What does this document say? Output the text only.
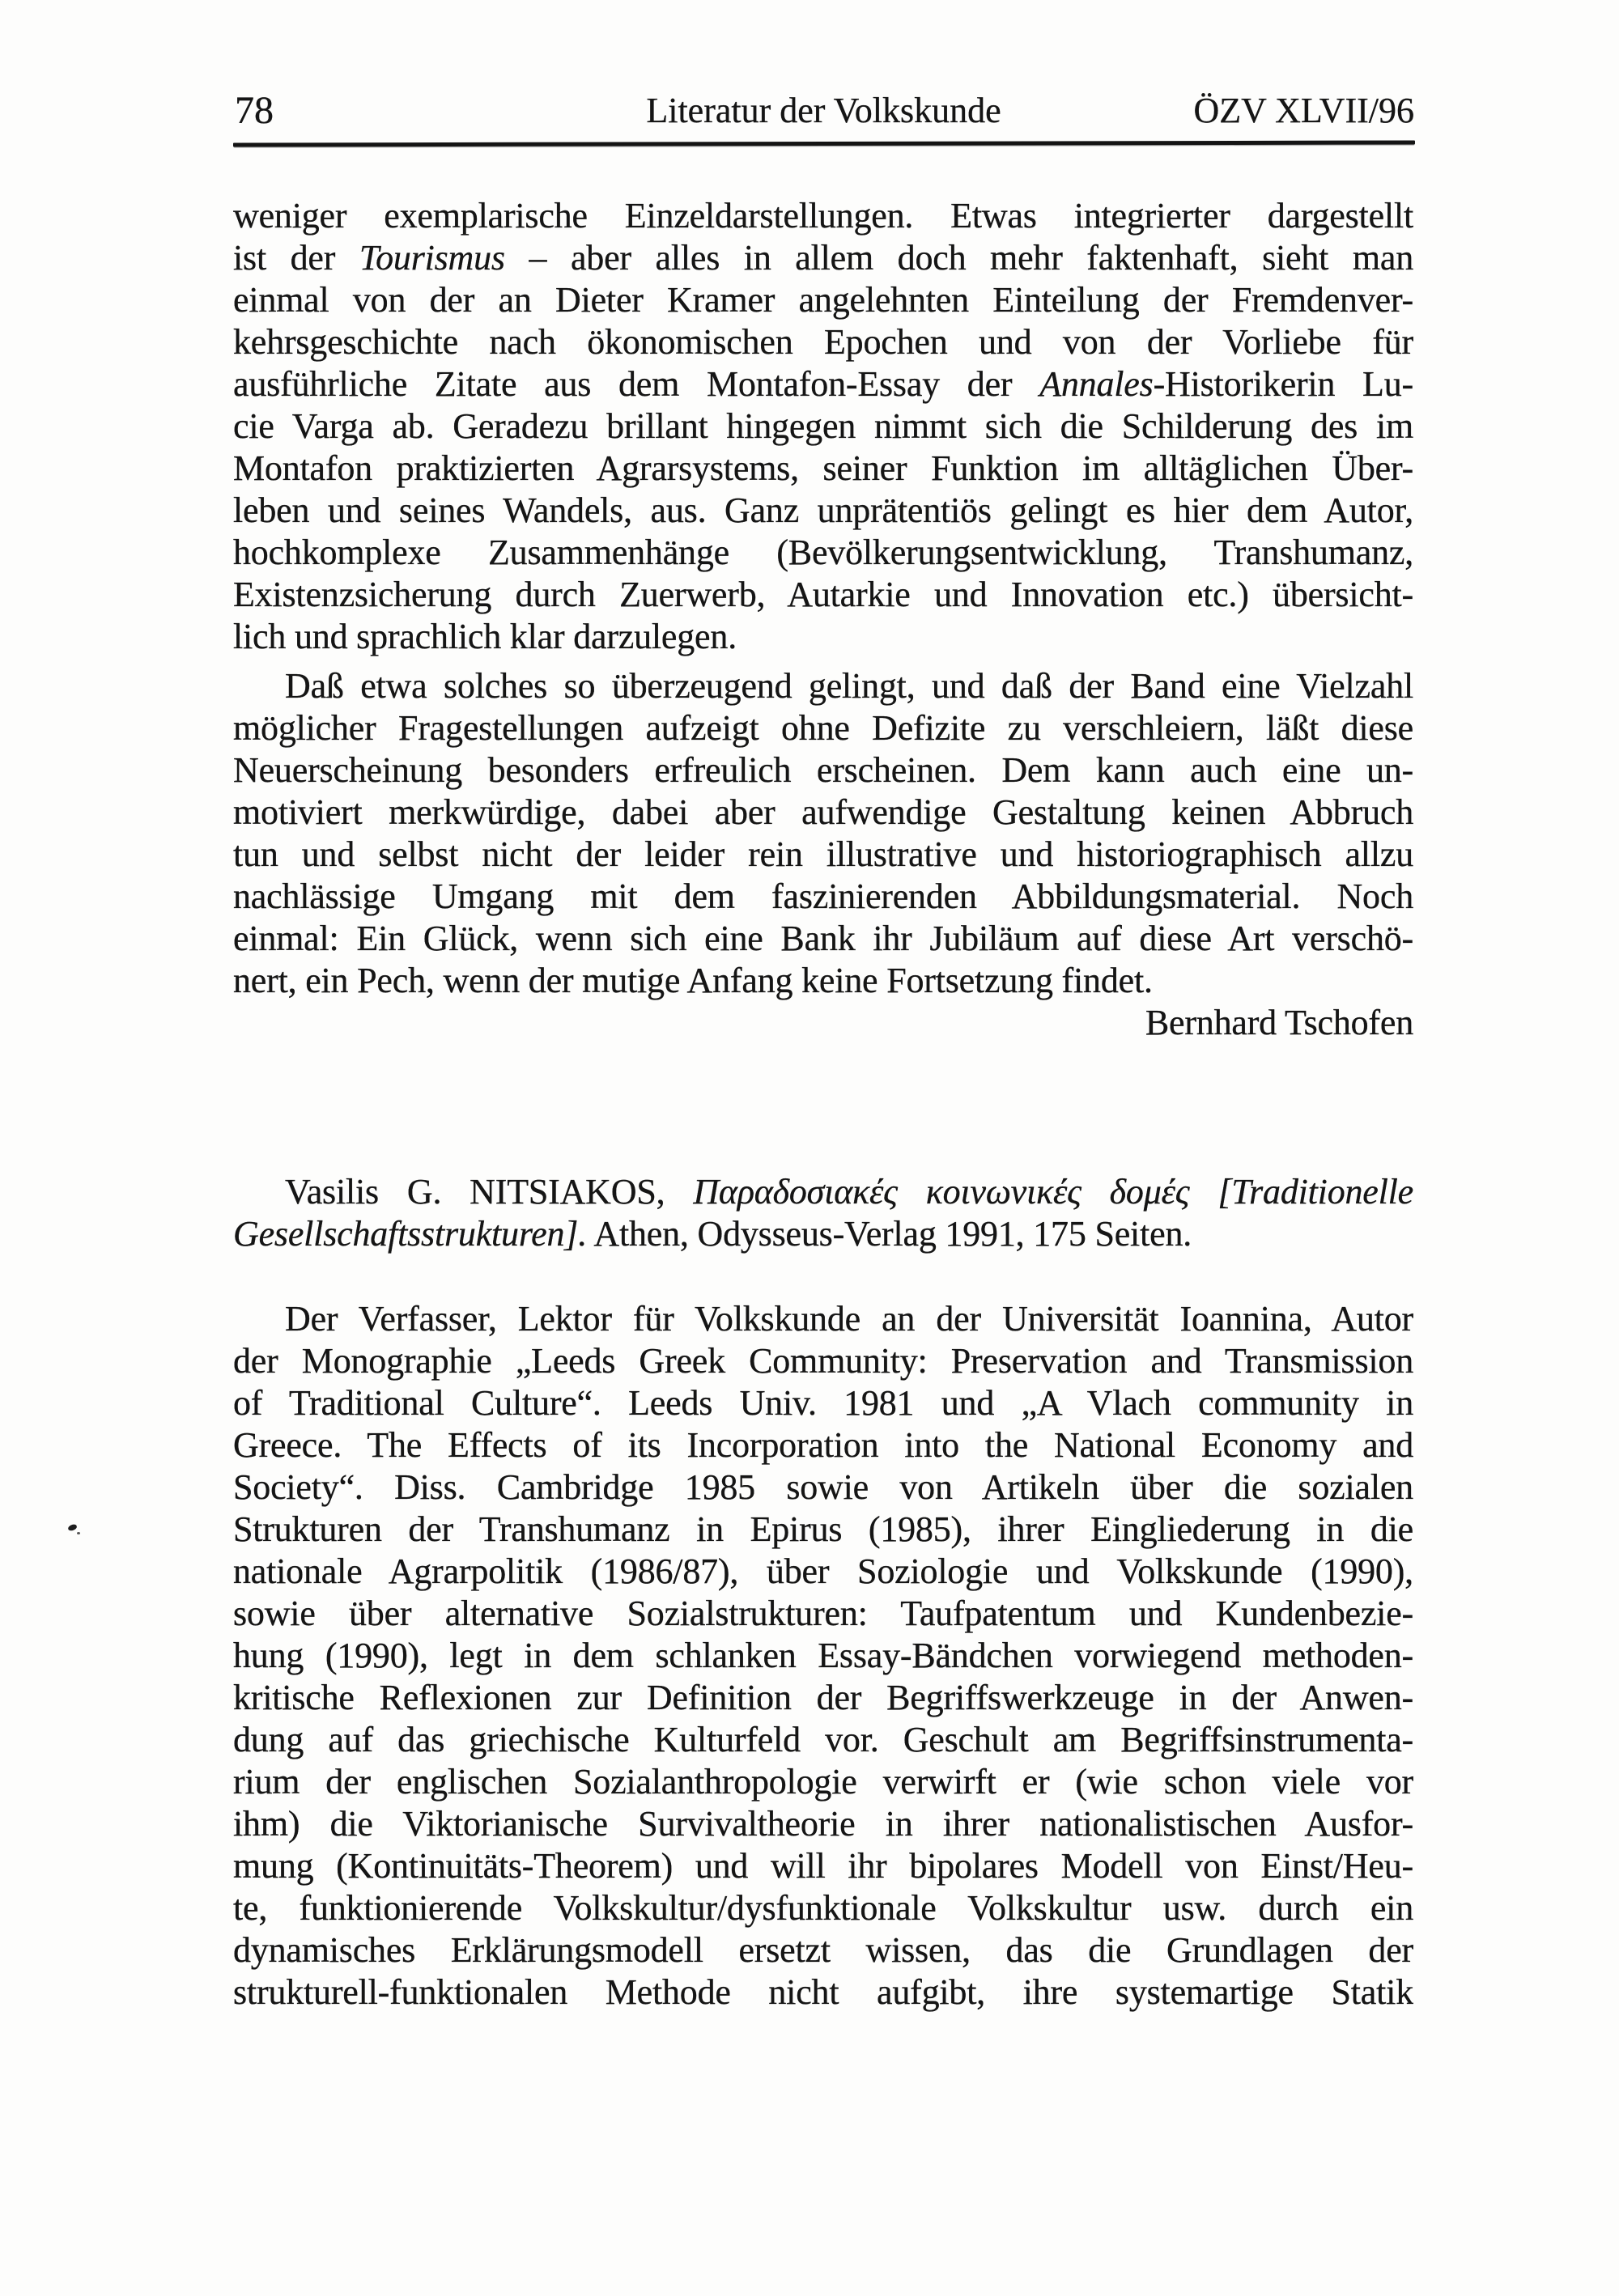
78	Literatur der Volkskunde	ÖZV XLVII/96
weniger exemplarische Einzeldarstellungen. Etwas integrierter dargestellt
ist der Tourismus – aber alles in allem doch mehr faktenhaft, sieht man
einmal von der an Dieter Kramer angelehnten Einteilung der Fremdenver-
kehrsgeschichte nach ökonomischen Epochen und von der Vorliebe für
ausführliche Zitate aus dem Montafon-Essay der Annales-Historikerin Lu-
cie Varga ab. Geradezu brillant hingegen nimmt sich die Schilderung des im
Montafon praktizierten Agrarsystems, seiner Funktion im alltäglichen Über-
leben und seines Wandels, aus. Ganz unprätentiös gelingt es hier dem Autor,
hochkomplexe Zusammenhänge (Bevölkerungsentwicklung, Transhumanz,
Existenzsicherung durch Zuerwerb, Autarkie und Innovation etc.) übersicht-
lich und sprachlich klar darzulegen.
Daß etwa solches so überzeugend gelingt, und daß der Band eine Vielzahl
möglicher Fragestellungen aufzeigt ohne Defizite zu verschleiern, läßt diese
Neuerscheinung besonders erfreulich erscheinen. Dem kann auch eine un-
motiviert merkwürdige, dabei aber aufwendige Gestaltung keinen Abbruch
tun und selbst nicht der leider rein illustrative und historiographisch allzu
nachlässige Umgang mit dem faszinierenden Abbildungsmaterial. Noch
einmal: Ein Glück, wenn sich eine Bank ihr Jubiläum auf diese Art verschö-
nert, ein Pech, wenn der mutige Anfang keine Fortsetzung findet.
Bernhard Tschofen
Vasilis G. NITSIAKOS, Παραδοσιακές κοινωνικές δομές [Traditionelle
Gesellschaftsstrukturen]. Athen, Odysseus-Verlag 1991, 175 Seiten.
Der Verfasser, Lektor für Volkskunde an der Universität Ioannina, Autor
der Monographie „Leeds Greek Community: Preservation and Transmission
of Traditional Culture“. Leeds Univ. 1981 und „A Vlach community in
Greece. The Effects of its Incorporation into the National Economy and
Society“. Diss. Cambridge 1985 sowie von Artikeln über die sozialen
Strukturen der Transhumanz in Epirus (1985), ihrer Eingliederung in die
nationale Agrarpolitik (1986/87), über Soziologie und Volkskunde (1990),
sowie über alternative Sozialstrukturen: Taufpatentum und Kundenbezie-
hung (1990), legt in dem schlanken Essay-Bändchen vorwiegend methoden-
kritische Reflexionen zur Definition der Begriffswerkzeuge in der Anwen-
dung auf das griechische Kulturfeld vor. Geschult am Begriffsinstrumenta-
rium der englischen Sozialanthropologie verwirft er (wie schon viele vor
ihm) die Viktorianische Survivaltheorie in ihrer nationalistischen Ausfor-
mung (Kontinuitäts-Theorem) und will ihr bipolares Modell von Einst/Heu-
te, funktionierende Volkskultur/dysfunktionale Volkskultur usw. durch ein
dynamisches Erklärungsmodell ersetzt wissen, das die Grundlagen der
strukturell-funktionalen Methode nicht aufgibt, ihre systemartige Statik
